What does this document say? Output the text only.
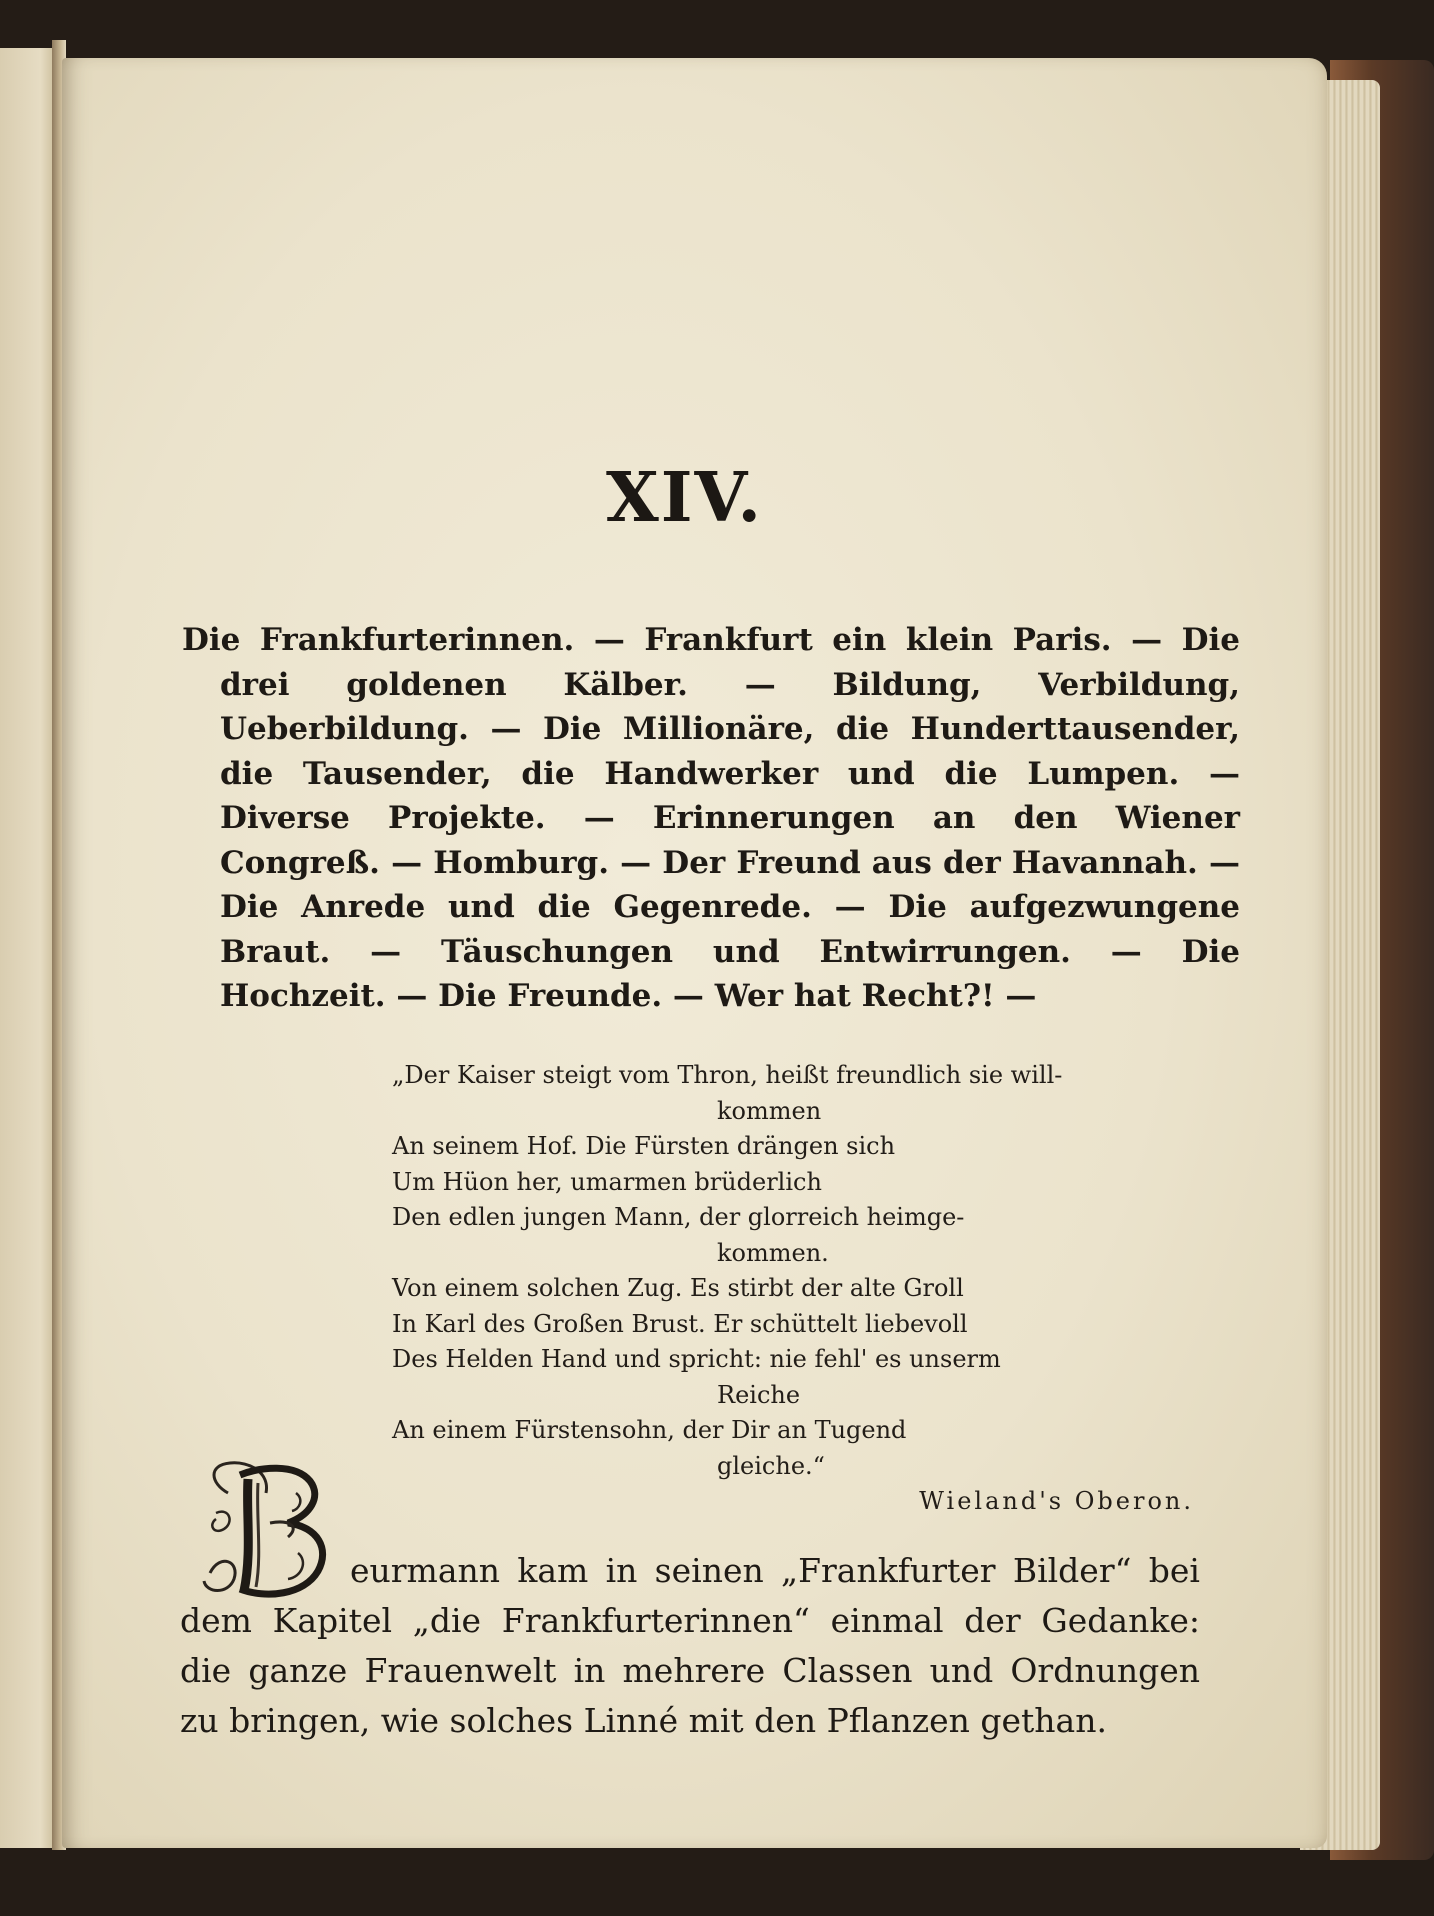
XIV.

Die Frankfurterinnen. — Frankfurt ein klein Paris. — Die drei goldenen Kälber. — Bildung, Verbildung, Ueberbildung. — Die Millionäre, die Hunderttausender, die Tausender, die Handwerker und die Lumpen. — Diverse Projekte. — Erinnerungen an den Wiener Congreß. — Homburg. — Der Freund aus der Havannah. — Die Anrede und die Gegenrede. — Die aufgezwungene Braut. — Täuschungen und Entwirrungen. — Die Hochzeit. — Die Freunde. — Wer hat Recht?! —

„Der Kaiser steigt vom Thron, heißt freundlich sie will-
kommen
An seinem Hof. Die Fürsten drängen sich
Um Hüon her, umarmen brüderlich
Den edlen jungen Mann, der glorreich heimge-
kommen.
Von einem solchen Zug. Es stirbt der alte Groll
In Karl des Großen Brust. Er schüttelt liebevoll
Des Helden Hand und spricht: nie fehl' es unserm
Reiche
An einem Fürstensohn, der Dir an Tugend
gleiche.“
Wieland's Oberon.

eurmann kam in seinen „Frankfurter Bilder“ bei dem Kapitel „die Frankfurterinnen“ einmal der Gedanke: die ganze Frauenwelt in mehrere Classen und Ordnungen zu bringen, wie solches Linné mit den Pflanzen gethan.
